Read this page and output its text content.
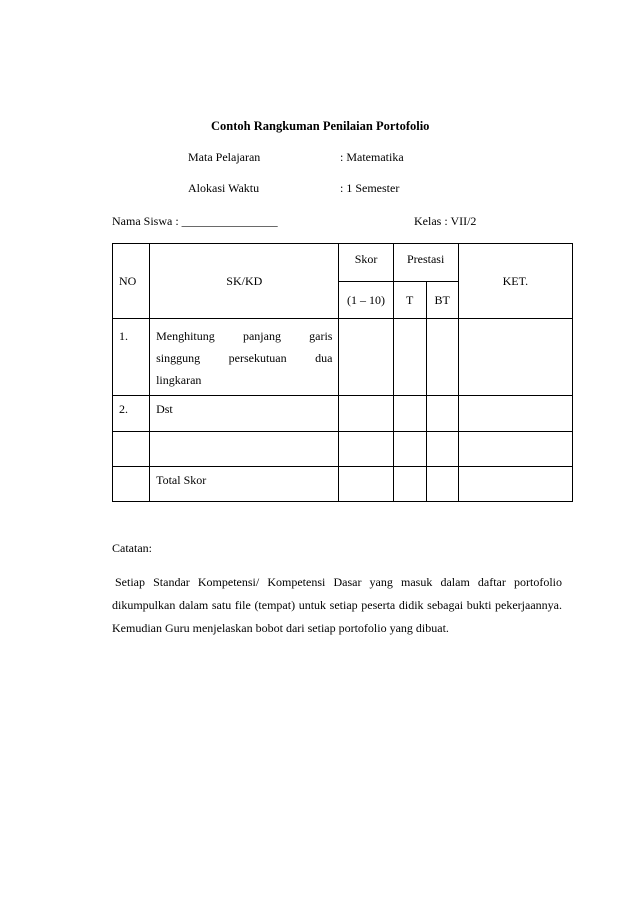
Contoh Rangkuman Penilaian Portofolio
Mata Pelajaran	: Matematika
Alokasi Waktu	: 1 Semester
Nama Siswa : ________________	Kelas : VII/2
NO	SK/KD	Skor	Prestasi		KET.
		(1 – 10)	T	BT	
1.	Menghitung panjang garis
singgung persekutuan dua
lingkaran				

2.	Dst				

	Total Skor				
Catatan:
Setiap Standar Kompetensi/ Kompetensi Dasar yang masuk dalam daftar portofolio dikumpulkan dalam satu file (tempat) untuk setiap peserta didik sebagai bukti pekerjaannya. Kemudian Guru menjelaskan bobot dari setiap portofolio yang dibuat.
